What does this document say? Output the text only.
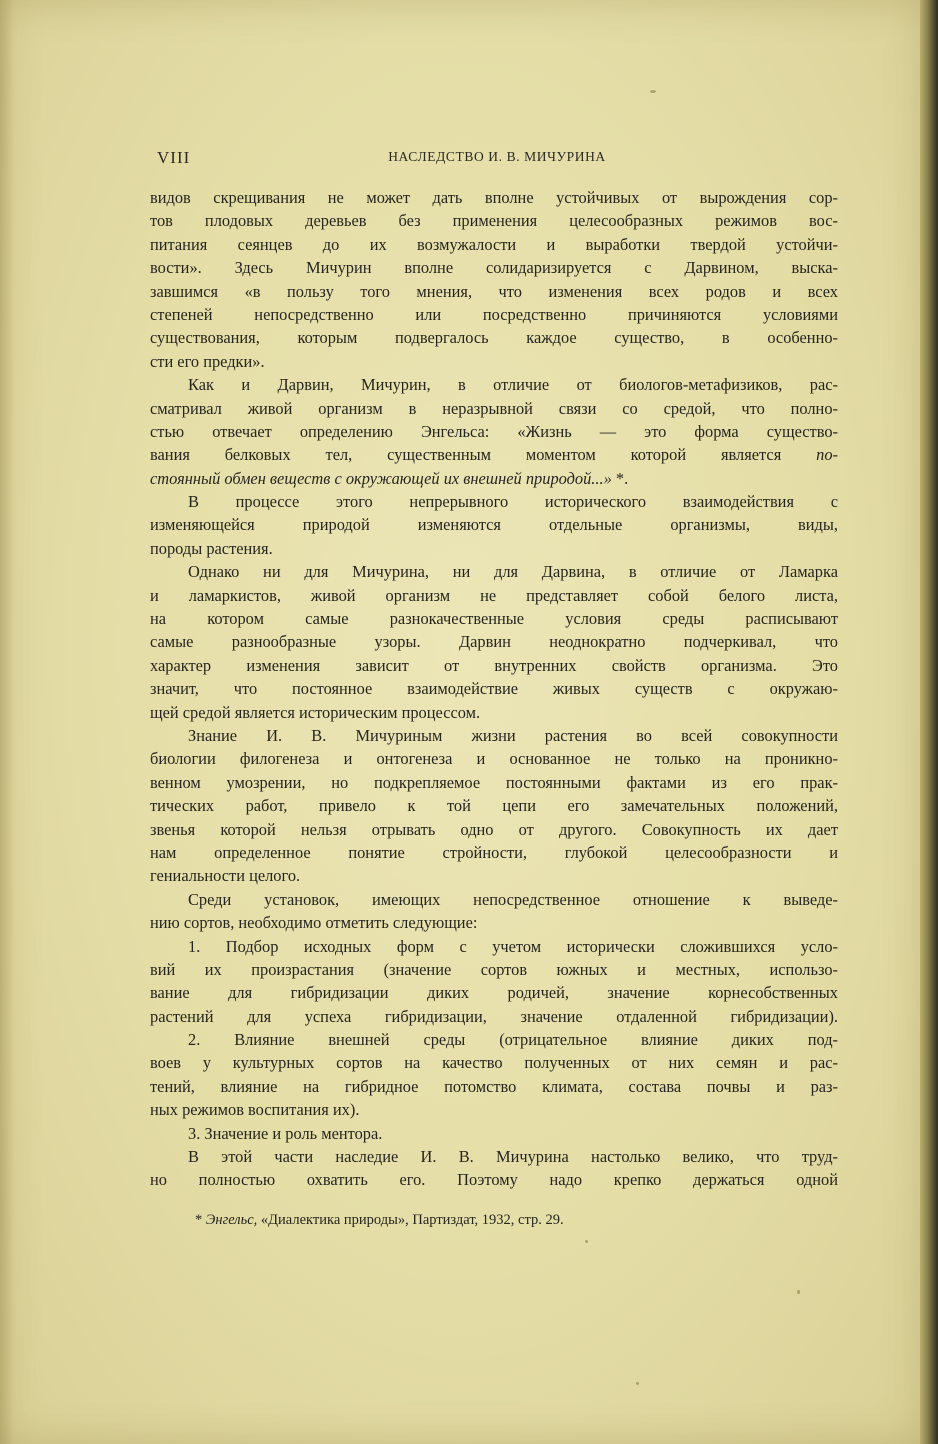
VIII	НАСЛЕДСТВО И. В. МИЧУРИНА
видов скрещивания не может дать вполне устойчивых от вырождения сор-
тов плодовых деревьев без применения целесообразных режимов вос-
питания сеянцев до их возмужалости и выработки твердой устойчи-
вости». Здесь Мичурин вполне солидаризируется с Дарвином, выска-
завшимся «в пользу того мнения, что изменения всех родов и всех
степеней непосредственно или посредственно причиняются условиями
существования, которым подвергалось каждое существо, в особенно-
сти его предки».
Как и Дарвин, Мичурин, в отличие от биологов-метафизиков, рас-
сматривал живой организм в неразрывной связи со средой, что полно-
стью отвечает определению Энгельса: «Жизнь — это форма существо-
вания белковых тел, существенным моментом которой является по-
стоянный обмен веществ с окружающей их внешней природой...» *.
В процессе этого непрерывного исторического взаимодействия с
изменяющейся природой изменяются отдельные организмы, виды,
породы растения.
Однако ни для Мичурина, ни для Дарвина, в отличие от Ламарка
и ламаркистов, живой организм не представляет собой белого листа,
на котором самые разнокачественные условия среды расписывают
самые разнообразные узоры. Дарвин неоднократно подчеркивал, что
характер изменения зависит от внутренних свойств организма. Это
значит, что постоянное взаимодействие живых существ с окружаю-
щей средой является историческим процессом.
Знание И. В. Мичуриным жизни растения во всей совокупности
биологии филогенеза и онтогенеза и основанное не только на проникно-
венном умозрении, но подкрепляемое постоянными фактами из его прак-
тических работ, привело к той цепи его замечательных положений,
звенья которой нельзя отрывать одно от другого. Совокупность их дает
нам определенное понятие стройности, глубокой целесообразности и
гениальности целого.
Среди установок, имеющих непосредственное отношение к выведе-
нию сортов, необходимо отметить следующие:
1. Подбор исходных форм с учетом исторически сложившихся усло-
вий их произрастания (значение сортов южных и местных, использо-
вание для гибридизации диких родичей, значение корнесобственных
растений для успеха гибридизации, значение отдаленной гибридизации).
2. Влияние внешней среды (отрицательное влияние диких под-
воев у культурных сортов на качество полученных от них семян и рас-
тений, влияние на гибридное потомство климата, состава почвы и раз-
ных режимов воспитания их).
3. Значение и роль ментора.
В этой части наследие И. В. Мичурина настолько велико, что труд-
но полностью охватить его. Поэтому надо крепко держаться одной
* Энгельс, «Диалектика природы», Партиздат, 1932, стр. 29.
